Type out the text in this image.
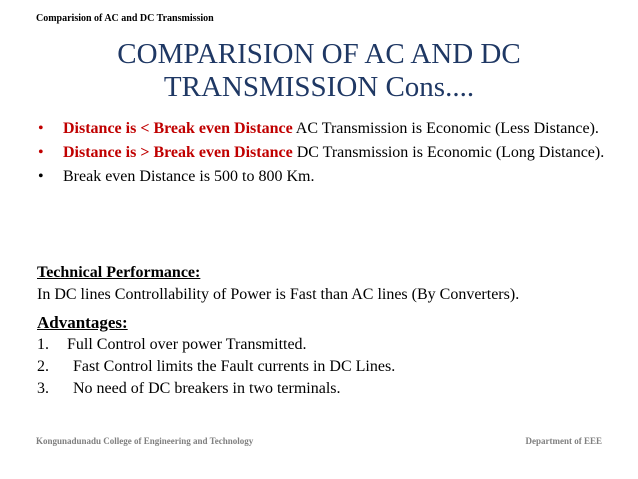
Comparision of AC and DC Transmission
COMPARISION OF AC AND DC
TRANSMISSION Cons....
• Distance is < Break even Distance AC Transmission is Economic (Less Distance).
• Distance is > Break even Distance DC Transmission is Economic (Long Distance).
• Break even Distance is 500 to 800 Km.
Technical Performance:
In DC lines Controllability of Power is Fast than AC lines (By Converters).
Advantages:
1. Full Control over power Transmitted.
2. Fast Control limits the Fault currents in DC Lines.
3. No need of DC breakers in two terminals.
Kongunadunadu College of Engineering and Technology	Department of EEE
